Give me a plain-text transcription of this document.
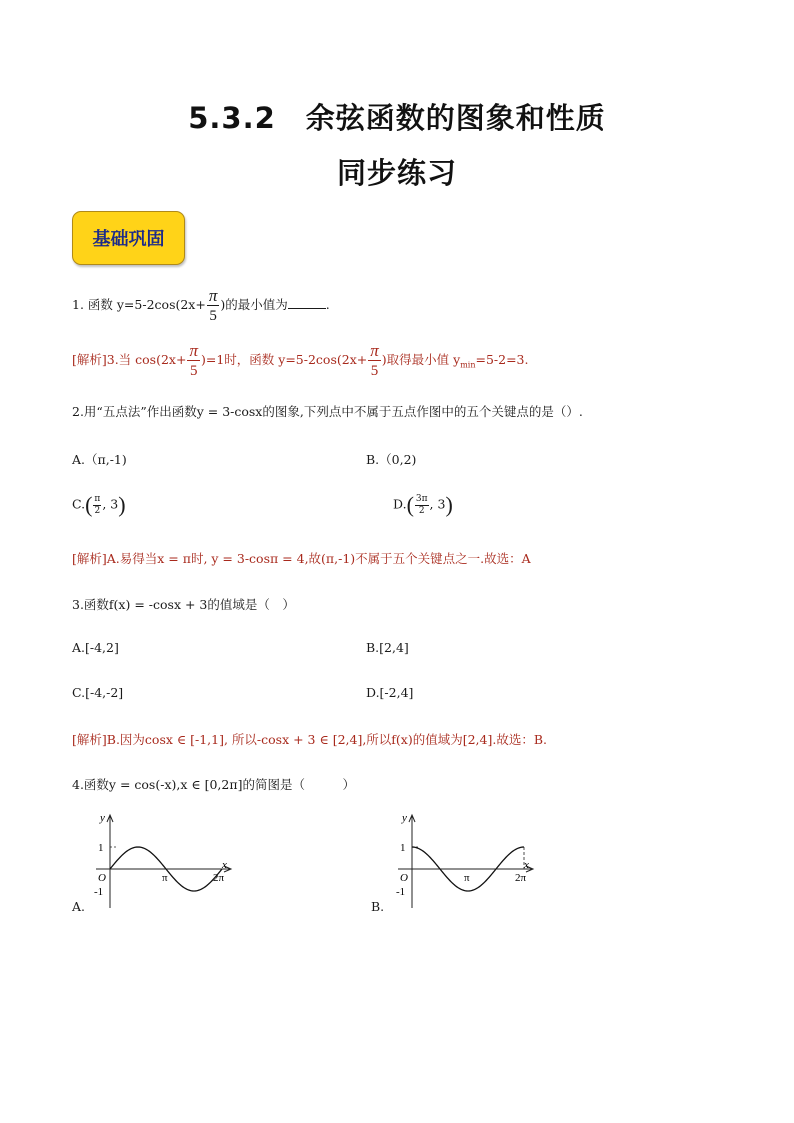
5.3.2　余弦函数的图象和性质
同步练习
基础巩固
1. 函数 $y=5-2\cos(2x+ \frac{\pi}{5}$ )的最小值为	.
[解析]3.当 $\cos(2x+ \frac{\pi}{5} )=1$时，函数 $y=5-2\cos(2x+ \frac{\pi}{5}$ )取得最小值 $y_{min}=5-2=3$.
2.用“五点法”作出函数y = 3-cosx的图象,下列点中不属于五点作图中的五个关键点的是（）.
A.（π,-1)	B.（0,2)
$C.( \frac{\pi}{2}$ , 3)	$D.( \frac{3\pi}{2}$ , 3)
[解析]A.易得当x = π时, y = 3-cosπ = 4,故(π,-1)不属于五个关键点之一.故选：A
3.函数f(x) = -cosx + 3的值域是（　）
A.[-4,2]	B.[2,4]
C.[-4,-2]	D.[-2,4]
[解析]B.因为cosx ∈ [-1,1], 所以-cosx + 3 ∈ [2,4],所以f(x)的值域为[2,4].故选：B.
4.函数y = cos(-x),x ∈ [0,2π]的简图是（　　　）
A.	B.
y
x
O
1
-1
π	2π
y
x
O
1
-1
π	2π
